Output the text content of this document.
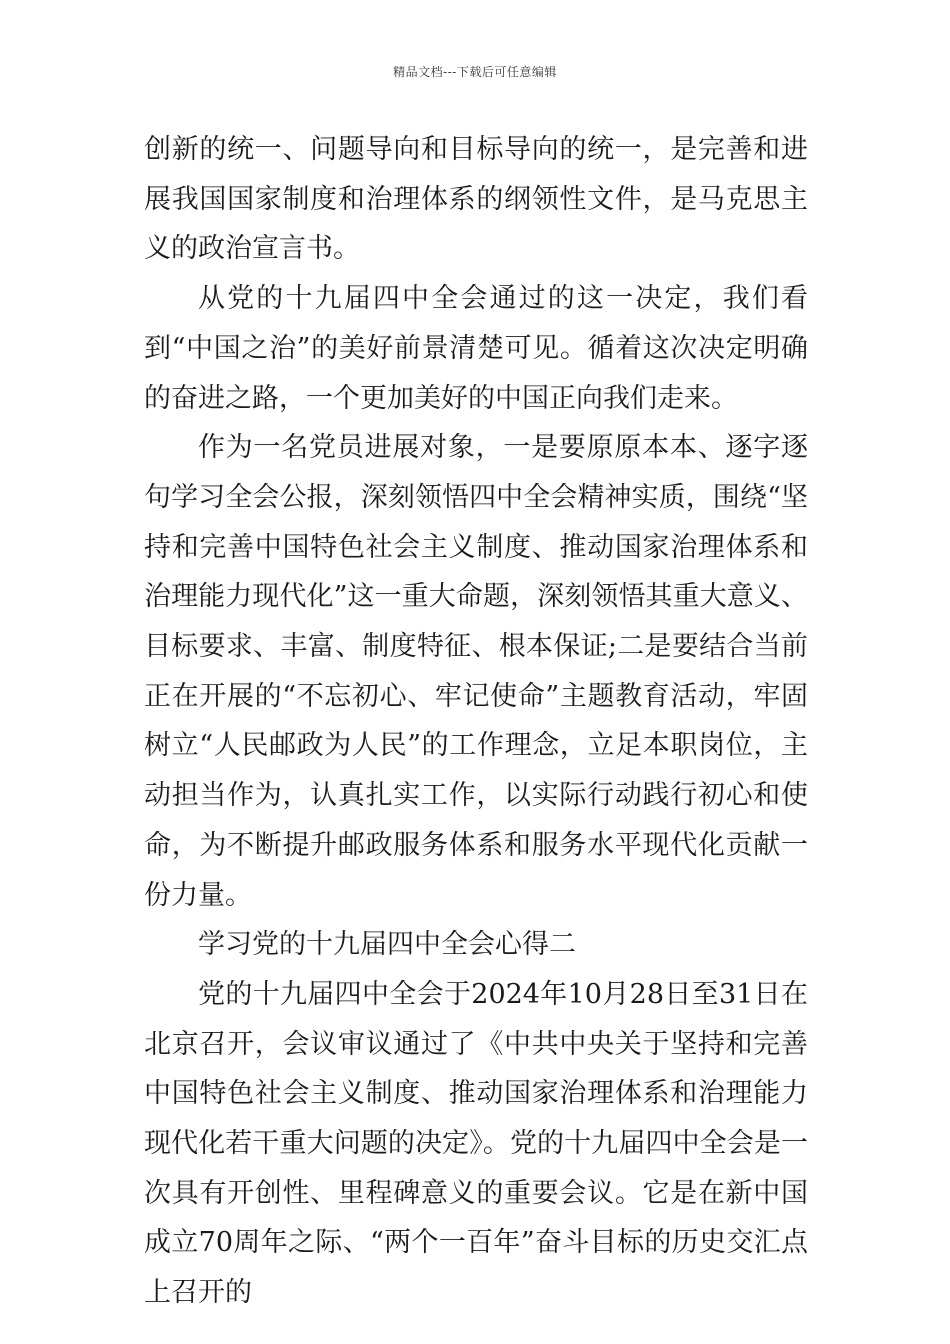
精品文档---下载后可任意编辑

创新的统一、问题导向和目标导向的统一，是完善和进展我国国家制度和治理体系的纲领性文件，是马克思主义的政治宣言书。

从党的十九届四中全会通过的这一决定，我们看到“中国之治”的美好前景清楚可见。循着这次决定明确的奋进之路，一个更加美好的中国正向我们走来。

作为一名党员进展对象，一是要原原本本、逐字逐句学习全会公报，深刻领悟四中全会精神实质，围绕“坚持和完善中国特色社会主义制度、推动国家治理体系和治理能力现代化”这一重大命题，深刻领悟其重大意义、目标要求、丰富、制度特征、根本保证;二是要结合当前正在开展的“不忘初心、牢记使命”主题教育活动，牢固树立“人民邮政为人民”的工作理念，立足本职岗位，主动担当作为，认真扎实工作，以实际行动践行初心和使命，为不断提升邮政服务体系和服务水平现代化贡献一份力量。

学习党的十九届四中全会心得二

党的十九届四中全会于2024年10月28日至31日在北京召开，会议审议通过了《中共中央关于坚持和完善中国特色社会主义制度、推动国家治理体系和治理能力现代化若干重大问题的决定》。党的十九届四中全会是一次具有开创性、里程碑意义的重要会议。它是在新中国成立70周年之际、“两个一百年”奋斗目标的历史交汇点上召开的
